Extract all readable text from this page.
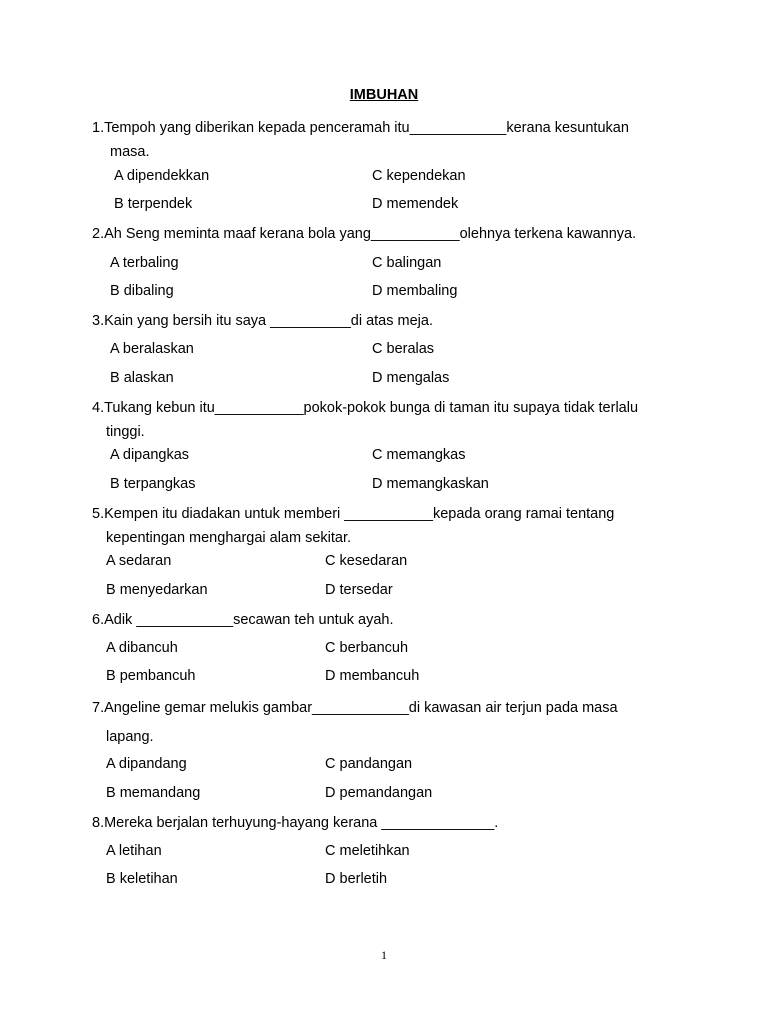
IMBUHAN
1.Tempoh yang diberikan kepada penceramah itu____________kerana kesuntukan
masa.
A dipendekkan
B terpendek
C kependekan
D memendek
2.Ah Seng meminta maaf kerana bola yang___________olehnya terkena kawannya.
A terbaling
B dibaling
C balingan
D membaling
3.Kain yang bersih itu saya __________di atas meja.
A beralaskan
B alaskan
C beralas
D mengalas
4.Tukang kebun itu___________pokok-pokok bunga di taman itu supaya tidak terlalu
tinggi.
A dipangkas
B terpangkas
C memangkas
D memangkaskan
5.Kempen itu diadakan untuk memberi ___________kepada orang ramai tentang
kepentingan menghargai alam sekitar.
A sedaran
B menyedarkan
C kesedaran
D tersedar
6.Adik ____________secawan teh untuk ayah.
A dibancuh
B pembancuh
C berbancuh
D membancuh
7.Angeline gemar melukis gambar____________di kawasan air terjun pada masa
lapang.
A dipandang
B memandang
C pandangan
D pemandangan
8.Mereka berjalan terhuyung-hayang kerana ______________.
A letihan
B keletihan
C meletihkan
D berletih
1
